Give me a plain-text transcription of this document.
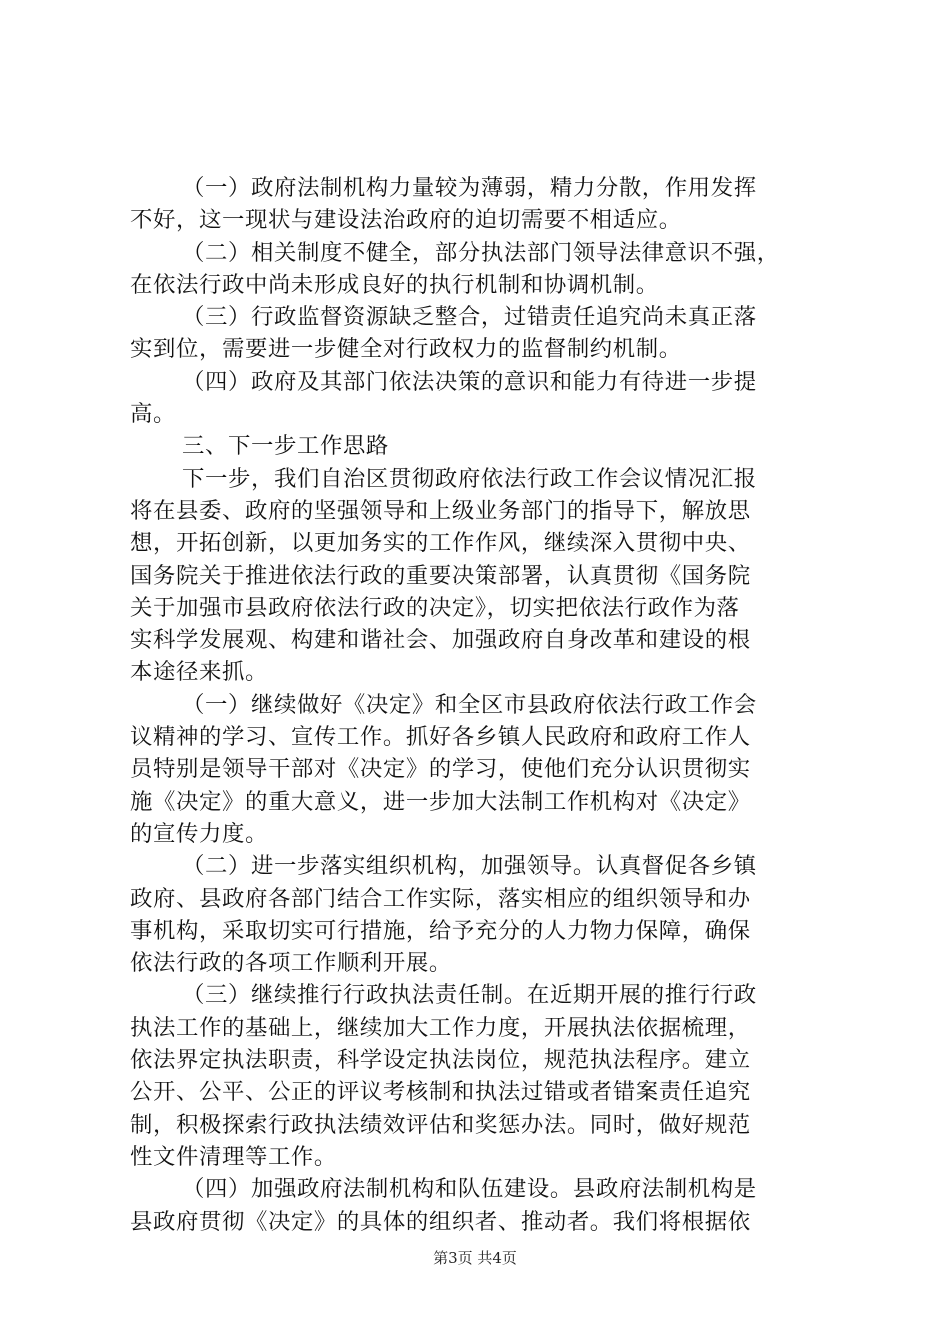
（一）政府法制机构力量较为薄弱，精力分散，作用发挥
不好，这一现状与建设法治政府的迫切需要不相适应。
（二）相关制度不健全，部分执法部门领导法律意识不强，
在依法行政中尚未形成良好的执行机制和协调机制。
（三）行政监督资源缺乏整合，过错责任追究尚未真正落
实到位，需要进一步健全对行政权力的监督制约机制。
（四）政府及其部门依法决策的意识和能力有待进一步提
高。
三、下一步工作思路
下一步，我们自治区贯彻政府依法行政工作会议情况汇报
将在县委、政府的坚强领导和上级业务部门的指导下，解放思
想，开拓创新，以更加务实的工作作风，继续深入贯彻中央、
国务院关于推进依法行政的重要决策部署，认真贯彻《国务院
关于加强市县政府依法行政的决定》，切实把依法行政作为落
实科学发展观、构建和谐社会、加强政府自身改革和建设的根
本途径来抓。
（一）继续做好《决定》和全区市县政府依法行政工作会
议精神的学习、宣传工作。抓好各乡镇人民政府和政府工作人
员特别是领导干部对《决定》的学习，使他们充分认识贯彻实
施《决定》的重大意义，进一步加大法制工作机构对《决定》
的宣传力度。
（二）进一步落实组织机构，加强领导。认真督促各乡镇
政府、县政府各部门结合工作实际，落实相应的组织领导和办
事机构，采取切实可行措施，给予充分的人力物力保障，确保
依法行政的各项工作顺利开展。
（三）继续推行行政执法责任制。在近期开展的推行行政
执法工作的基础上，继续加大工作力度，开展执法依据梳理，
依法界定执法职责，科学设定执法岗位，规范执法程序。建立
公开、公平、公正的评议考核制和执法过错或者错案责任追究
制，积极探索行政执法绩效评估和奖惩办法。同时，做好规范
性文件清理等工作。
（四）加强政府法制机构和队伍建设。县政府法制机构是
县政府贯彻《决定》的具体的组织者、推动者。我们将根据依
第3页 共4页
